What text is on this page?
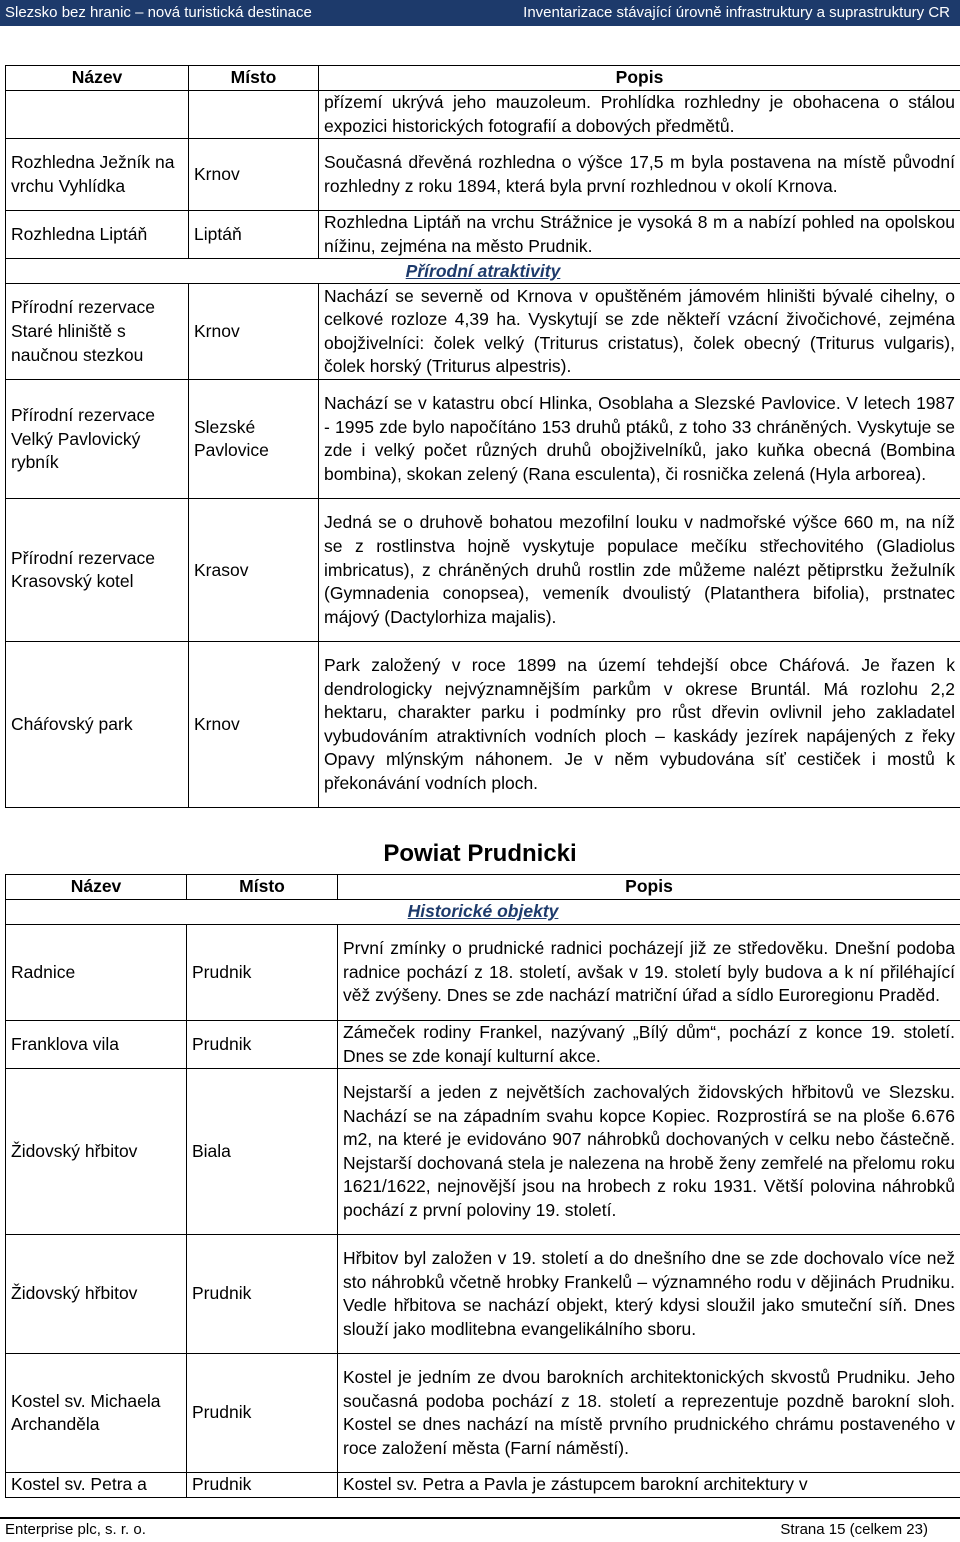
Slezsko bez hranic – nová turistická destinace	Inventarizace stávající úrovně infrastruktury a suprastruktury CR
Název	Místo	Popis
		přízemí ukrývá jeho mauzoleum. Prohlídka rozhledny je obohacena o stálou expozici historických fotografií a dobových předmětů.
Rozhledna Ježník na vrchu Vyhlídka	Krnov	Současná dřevěná rozhledna o výšce 17,5 m byla postavena na místě původní rozhledny z roku 1894, která byla první rozhlednou v okolí Krnova.
Rozhledna Liptáň	Liptáň	Rozhledna Liptáň na vrchu Strážnice je vysoká 8 m a nabízí pohled na opolskou nížinu, zejména na město Prudnik.
Přírodní atraktivity		
Přírodní rezervace Staré hliniště s naučnou stezkou	Krnov	Nachází se severně od Krnova v opuštěném jámovém hliništi bývalé cihelny, o celkové rozloze 4,39 ha. Vyskytují se zde někteří vzácní živočichové, zejména obojživelníci: čolek velký (Triturus cristatus), čolek obecný (Triturus vulgaris), čolek horský (Triturus alpestris).
Přírodní rezervace Velký Pavlovický rybník	Slezské Pavlovice	Nachází se v katastru obcí Hlinka, Osoblaha a Slezské Pavlovice. V letech 1987 - 1995 zde bylo napočítáno 153 druhů ptáků, z toho 33 chráněných. Vyskytuje se zde i velký počet různých druhů obojživelníků, jako kuňka obecná (Bombina bombina), skokan zelený (Rana esculenta), či rosnička zelená (Hyla arborea).
Přírodní rezervace Krasovský kotel	Krasov	Jedná se o druhově bohatou mezofilní louku v nadmořské výšce 660 m, na níž se z rostlinstva hojně vyskytuje populace mečíku střechovitého (Gladiolus imbricatus), z chráněných druhů rostlin zde můžeme nalézt pětiprstku žežulník (Gymnadenia conopsea), vemeník dvoulistý (Platanthera bifolia), prstnatec májový (Dactylorhiza majalis).
Cháŕovský park	Krnov	Park založený v roce 1899 na území tehdejší obce Cháŕová. Je řazen k dendrologicky nejvýznamnějším parkům v okrese Bruntál. Má rozlohu 2,2 hektaru, charakter parku i podmínky pro růst dřevin ovlivnil jeho zakladatel vybudováním atraktivních vodních ploch – kaskády jezírek napájených z řeky Opavy mlýnským náhonem. Je v něm vybudována síť cestiček i mostů k překonávání vodních ploch.
Powiat Prudnicki
Název	Místo	Popis
Historické objekty		
Radnice	Prudnik	První zmínky o prudnické radnici pocházejí již ze středověku. Dnešní podoba radnice pochází z 18. století, avšak v 19. století byly budova a k ní přiléhající věž zvýšeny. Dnes se zde nachází matriční úřad a sídlo Euroregionu Praděd.
Franklova vila	Prudnik	Zámeček rodiny Frankel, nazývaný „Bílý dům“, pochází z konce 19. století. Dnes se zde konají kulturní akce.
Židovský hřbitov	Biala	Nejstarší a jeden z největších zachovalých židovských hřbitovů ve Slezsku. Nachází se na západním svahu kopce Kopiec. Rozprostírá se na ploše 6.676 m2, na které je evidováno 907 náhrobků dochovaných v celku nebo částečně. Nejstarší dochovaná stela je nalezena na hrobě ženy zemřelé na přelomu roku 1621/1622, nejnovější jsou na hrobech z roku 1931. Větší polovina náhrobků pochází z první poloviny 19. století.
Židovský hřbitov	Prudnik	Hřbitov byl založen v 19. století a do dnešního dne se zde dochovalo více než sto náhrobků včetně hrobky Frankelů – významného rodu v dějinách Prudniku. Vedle hřbitova se nachází objekt, který kdysi sloužil jako smuteční síň. Dnes slouží jako modlitebna evangelikálního sboru.
Kostel sv. Michaela Archanděla	Prudnik	Kostel je jedním ze dvou barokních architektonických skvostů Prudniku. Jeho současná podoba pochází z 18. století a reprezentuje pozdně barokní sloh. Kostel se dnes nachází na místě prvního prudnického chrámu postaveného v roce založení města (Farní náměstí).
Kostel sv. Petra a	Prudnik	Kostel sv. Petra a Pavla je zástupcem barokní architektury v
Enterprise plc, s. r. o.	Strana 15 (celkem 23)
